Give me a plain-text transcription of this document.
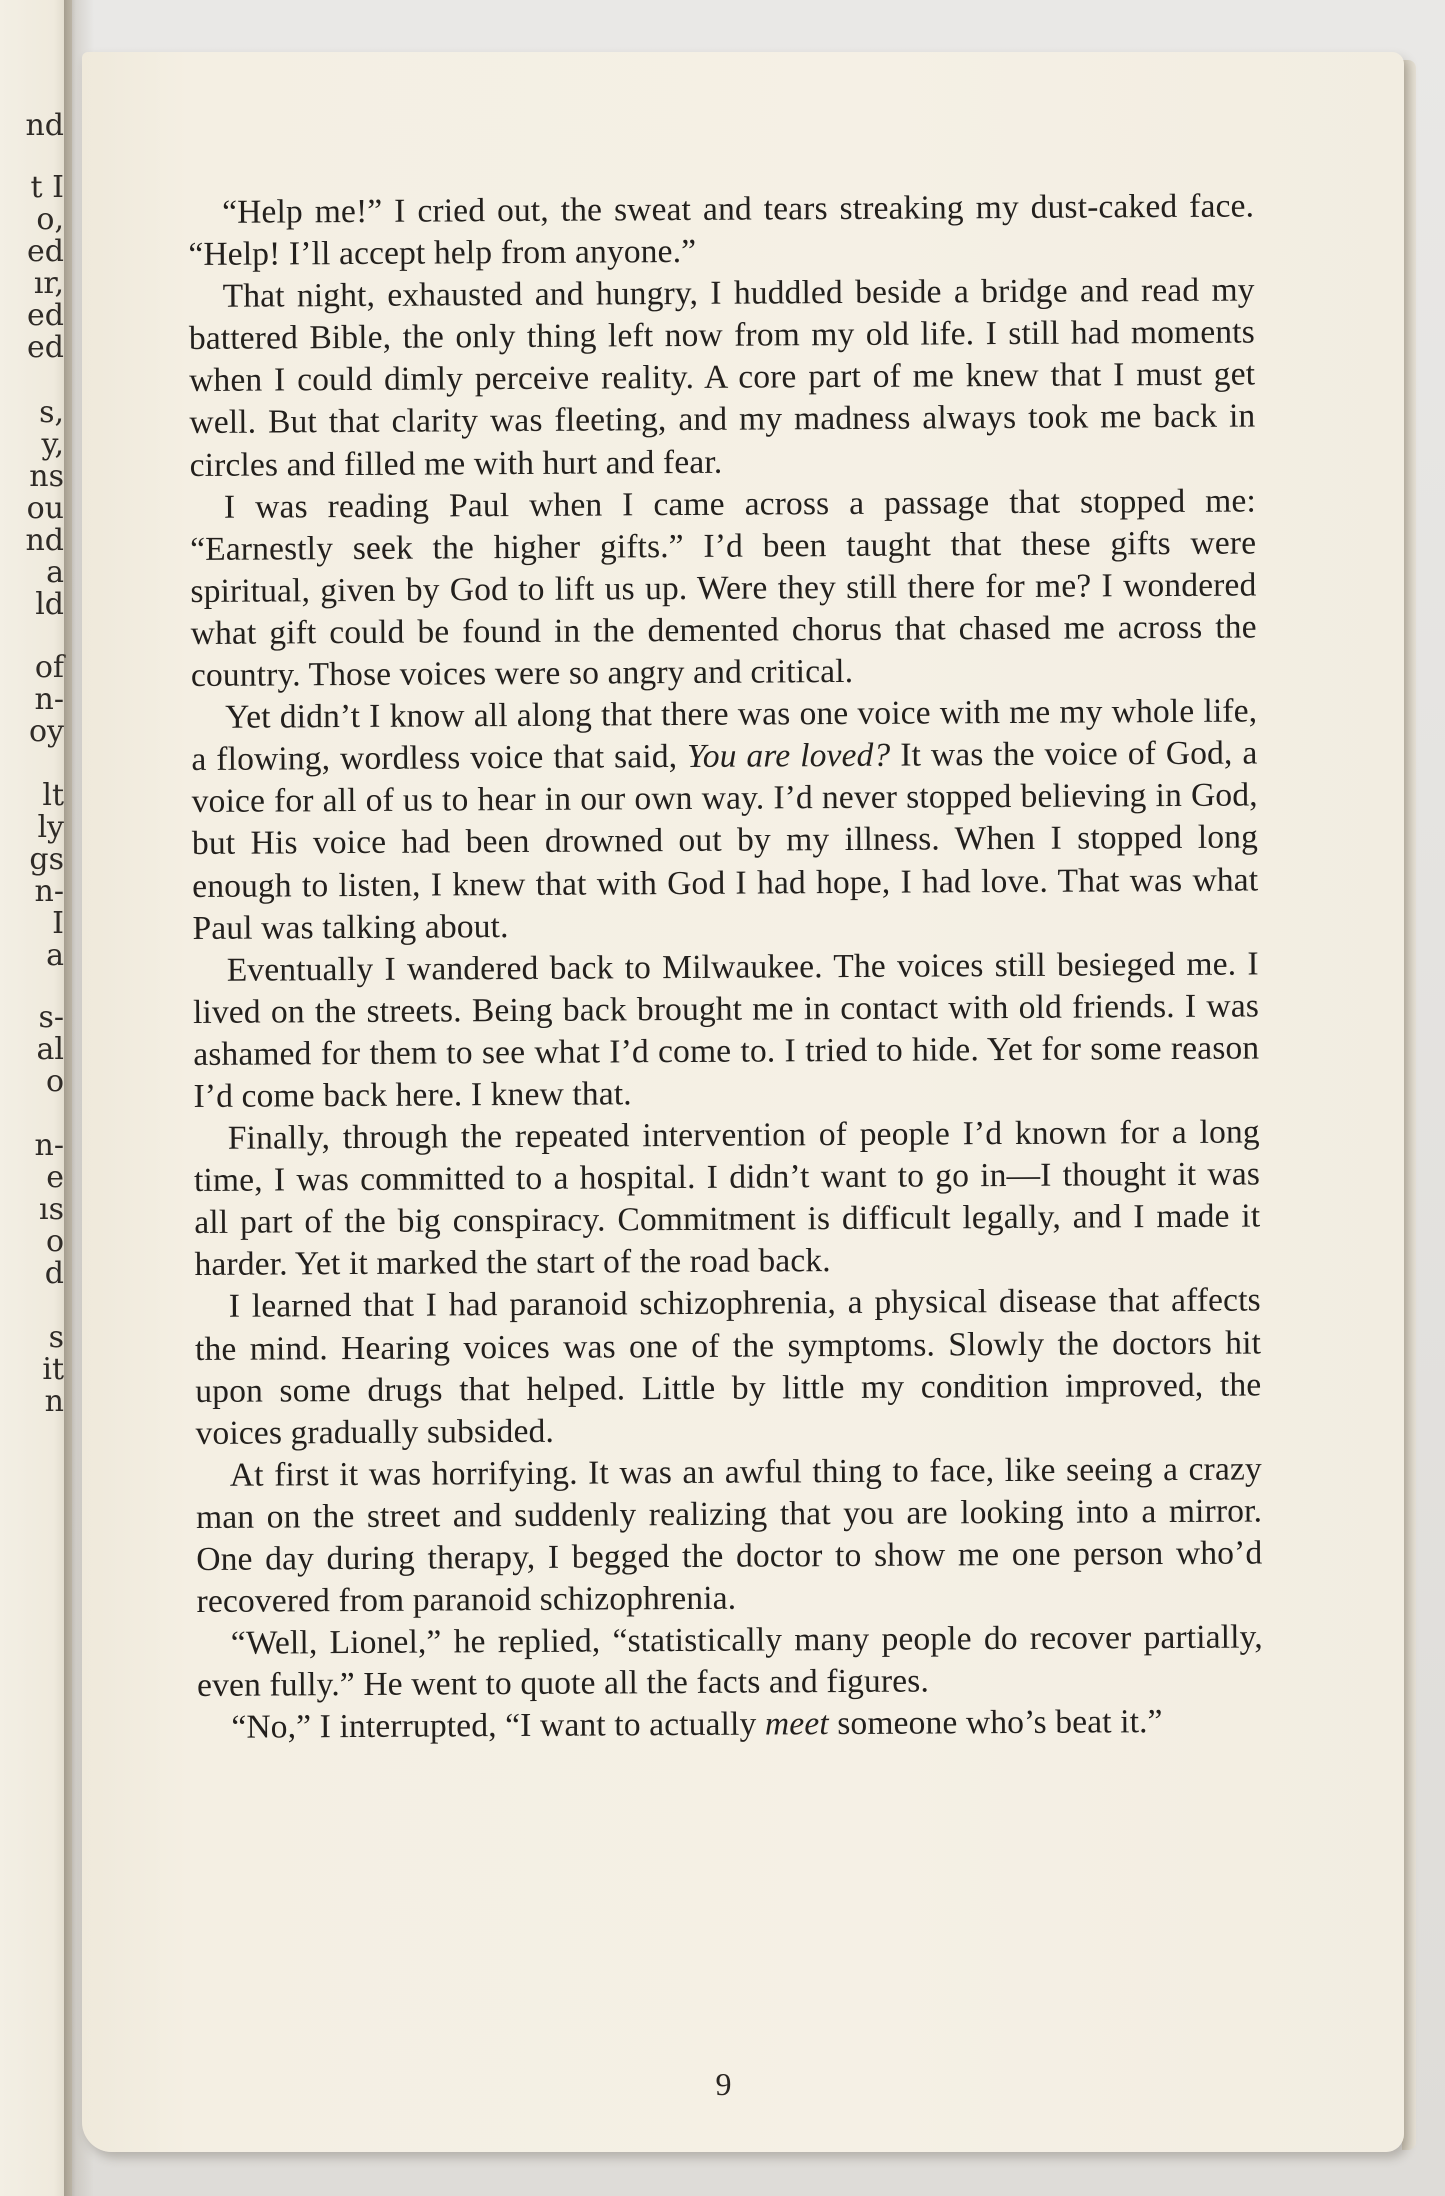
nd
t I
o,
ed
ır,
ed
ed
s,
y,
ns
ou
nd
a
ld
of
n-
oy
lt
ly
gs
n-
I
a
s-
al
o
n-
e
ıs
o
d
s
it
n

“Help me!” I cried out, the sweat and tears streaking my dust-caked face. “Help! I’ll accept help from anyone.”

That night, exhausted and hungry, I huddled beside a bridge and read my battered Bible, the only thing left now from my old life. I still had moments when I could dimly perceive reality. A core part of me knew that I must get well. But that clarity was fleeting, and my madness always took me back in circles and filled me with hurt and fear.

I was reading Paul when I came across a passage that stopped me: “Earnestly seek the higher gifts.” I’d been taught that these gifts were spiritual, given by God to lift us up. Were they still there for me? I wondered what gift could be found in the demented chorus that chased me across the country. Those voices were so angry and critical.

Yet didn’t I know all along that there was one voice with me my whole life, a flowing, wordless voice that said, You are loved? It was the voice of God, a voice for all of us to hear in our own way. I’d never stopped believing in God, but His voice had been drowned out by my illness. When I stopped long enough to listen, I knew that with God I had hope, I had love. That was what Paul was talking about.

Eventually I wandered back to Milwaukee. The voices still besieged me. I lived on the streets. Being back brought me in contact with old friends. I was ashamed for them to see what I’d come to. I tried to hide. Yet for some reason I’d come back here. I knew that.

Finally, through the repeated intervention of people I’d known for a long time, I was committed to a hospital. I didn’t want to go in—I thought it was all part of the big conspiracy. Commitment is difficult legally, and I made it harder. Yet it marked the start of the road back.

I learned that I had paranoid schizophrenia, a physical disease that affects the mind. Hearing voices was one of the symptoms. Slowly the doctors hit upon some drugs that helped. Little by little my condition improved, the voices gradually subsided.

At first it was horrifying. It was an awful thing to face, like seeing a crazy man on the street and suddenly realizing that you are looking into a mirror. One day during therapy, I begged the doctor to show me one person who’d recovered from paranoid schizophrenia.

“Well, Lionel,” he replied, “statistically many people do recover partially, even fully.” He went to quote all the facts and figures.

“No,” I interrupted, “I want to actually meet someone who’s beat it.”

9
